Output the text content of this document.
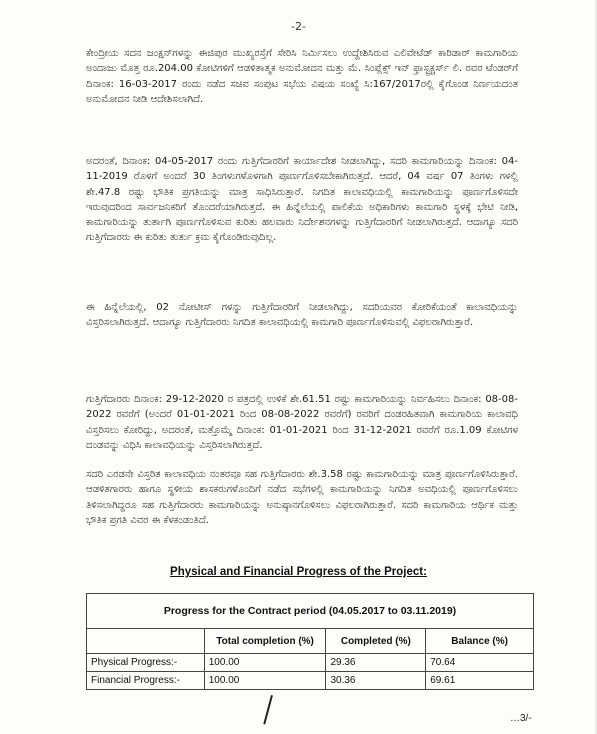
-2-

ಕೇಂದ್ರೀಯ ಸದನ ಜಂಕ್ಷನ್‌ಗಳನ್ನು ಈಜಿಪುರ ಮುಖ್ಯರಸ್ತೆಗೆ ಸೇರಿಸಿ ನಿರ್ಮಿಸಲು ಉದ್ದೇಶಿಸಿರುವ ಎಲಿವೇಟೆಡ್ ಕಾರಿಡಾರ್ ಕಾಮಗಾರಿಯ ಅಂದಾಜು ಮೊತ್ತ ರೂ.204.00 ಕೋಟಿಗಳಿಗೆ ಆಡಳಿತಾತ್ಮಕ ಅನುಮೋದನ ಮತ್ತು ಮೆ. ಸಿಂಪ್ಲೆಕ್ಸ್ ಇನ್ ಫ್ರಾಸ್ಟ್ರಕ್ಚರ್ಸ್ ಲಿ. ರವರ ಟೆಂಡರ್‌ಗೆ ದಿನಾಂಕ: 16-03-2017 ರಂದು ನಡೆದ ಸಚಿವ ಸಂಪುಟ ಸಭೆಯ ವಿಷಯ ಸಂಖ್ಯೆ ಸಿ:167/2017ರಲ್ಲಿ ಕೈಗೊಂಡ ನಿರ್ಣಯದಂತ ಅನುಮೋದನ ನೀಡಿ ಆದೇಶಿಸಲಾಗಿದೆ.

ಅದರಂತೆ, ದಿನಾಂಕ: 04-05-2017 ರಂದು ಗುತ್ತಿಗೆದಾರರಿಗೆ ಕಾರ್ಯಾದೇಶ ನೀಡಲಾಗಿದ್ದು, ಸದರಿ ಕಾಮಗಾರಿಯನ್ನು ದಿನಾಂಕ: 04-11-2019 ರೊಳಗೆ ಅಂದರೆ 30 ತಿಂಗಳುಗಳೊಳಗಾಗಿ ಪೂರ್ಣಗೊಳಿಸಬೇಕಾಗಿರುತ್ತದೆ. ಆದರೆ, 04 ವರ್ಷ 07 ತಿಂಗಳು ಗಳಲ್ಲಿ ಶೇ.47.8 ರಷ್ಟು ಭೌತಿಕ ಪ್ರಗತಿಯನ್ನು ಮಾತ್ರ ಸಾಧಿಸಿರುತ್ತಾರೆ. ನಿಗದಿತ ಕಾಲಾವಧಿಯಲ್ಲಿ ಕಾಮಗಾರಿಯನ್ನು ಪೂರ್ಣಗೊಳಿಸದೇ ಇರುವುದರಿಂದ ಸಾರ್ವಜನಿಕರಿಗೆ ತೊಂದರೆಯಾಗಿರುತ್ತದೆ. ಈ ಹಿನ್ನೆಲೆಯಲ್ಲಿ ಪಾಲಿಕೆಯ ಅಧಿಕಾರಿಗಳು ಕಾಮಗಾರಿ ಸ್ಥಳಕ್ಕೆ ಭೇಟಿ ನೀಡಿ, ಕಾಮಗಾರಿಯನ್ನು ತುರ್ತಾಗಿ ಪೂರ್ಣಗೊಳಿಸುವ ಕುರಿತು ಹಲವಾರು ನಿರ್ದೇಶನಗಳನ್ನು ಗುತ್ತಿಗೆದಾರರಿಗೆ ನೀಡಲಾಗಿರುತ್ತದೆ. ಆದಾಗ್ಯೂ ಸದರಿ ಗುತ್ತಿಗೆದಾರರು ಈ ಕುರಿತು ತುರ್ತು ಕ್ರಮ ಕೈಗೊಂಡಿರುವುದಿಲ್ಲ.

ಈ ಹಿನ್ನೆಲೆಯಲ್ಲಿ, 02 ನೋಟೀಸ್ ಗಳನ್ನು ಗುತ್ತಿಗೆದಾರರಿಗೆ ನೀಡಲಾಗಿದ್ದು, ಸದರಿಯವರ ಕೋರಿಕೆಯಂತೆ ಕಾಲಾವಧಿಯನ್ನು ವಿಸ್ತರಿಸಲಾಗಿರುತ್ತದೆ. ಆದಾಗ್ಯೂ ಗುತ್ತಿಗೆದಾರರು ನಿಗದಿತ ಕಾಲಾವಧಿಯಲ್ಲಿ ಕಾಮಗಾರಿ ಪೂರ್ಣಗೊಳಿಸುವಲ್ಲಿ ವಿಫಲರಾಗಿರುತ್ತಾರೆ.

ಗುತ್ತಿಗೆದಾರರು ದಿನಾಂಕ: 29-12-2020 ರ ಪತ್ರದಲ್ಲಿ ಉಳಿಕೆ ಶೇ.61.51 ರಷ್ಟು ಕಾಮಗಾರಿಯನ್ನು ನಿರ್ವಹಿಸಲು ದಿನಾಂಕ: 08-08-2022 ರವರೆಗೆ (ಅಂದರೆ 01-01-2021 ರಿಂದ 08-08-2022 ರವರೆಗೆ) ರವರಿಗೆ ದಂಡರಹಿತವಾಗಿ ಕಾಮಗಾರಿಯ ಕಾಲಾವಧಿ ವಿಸ್ತರಿಸಲು ಕೋರಿದ್ದು, ಅದರಂತೆ, ಮತ್ತೊಮ್ಮೆ ದಿನಾಂಕ: 01-01-2021 ರಿಂದ 31-12-2021 ರವರೆಗೆ ರೂ.1.09 ಕೋಟಿಗಳ ದಂಡವನ್ನು ವಿಧಿಸಿ ಕಾಲಾವಧಿಯನ್ನು ವಿಸ್ತರಿಸಲಾಗಿರುತ್ತದೆ.

ಸದರಿ ಎರಡನೇ ವಿಸ್ತರಿತ ಕಾಲಾವಧಿಯ ನಂತರವೂ ಸಹ ಗುತ್ತಿಗೆದಾರರು ಶೇ.3.58 ರಷ್ಟು ಕಾಮಗಾರಿಯನ್ನು ಮಾತ್ರ ಪೂರ್ಣಗೊಳಿಸಿರುತ್ತಾರೆ. ಆಡಳಿತಗಾರರು ಹಾಗೂ ಸ್ಥಳೀಯ ಶಾಸಕರುಗಳೊಂದಿಗೆ ನಡೆದ ಸಭೆಗಳಲ್ಲಿ ಕಾಮಗಾರಿಯನ್ನು ನಿಗದಿತ ಅವಧಿಯಲ್ಲಿ ಪೂರ್ಣಗೊಳಿಸಲು ತಿಳಿಸಲಾಗಿದ್ದರೂ ಸಹ ಗುತ್ತಿಗೆದಾರರು ಕಾಮಗಾರಿಯನ್ನು ಅನುಷ್ಠಾನಗೊಳಿಸಲು ವಿಫಲರಾಗಿರುತ್ತಾರೆ. ಸದರಿ ಕಾಮಗಾರಿಯ ಆರ್ಥಿಕ ಮತ್ತು ಭೌತಿಕ ಪ್ರಗತಿ ವಿವರ ಈ ಕೆಳಕಂಡಂತಿದೆ.

Physical and Financial Progress of the Project:
Progress for the Contract period (04.05.2017 to 03.11.2019)			
	Total completion (%)	Completed (%)	Balance (%)
Physical Progress:-	100.00	29.36	70.64
Financial Progress:-	100.00	30.36	69.61
…3/-
